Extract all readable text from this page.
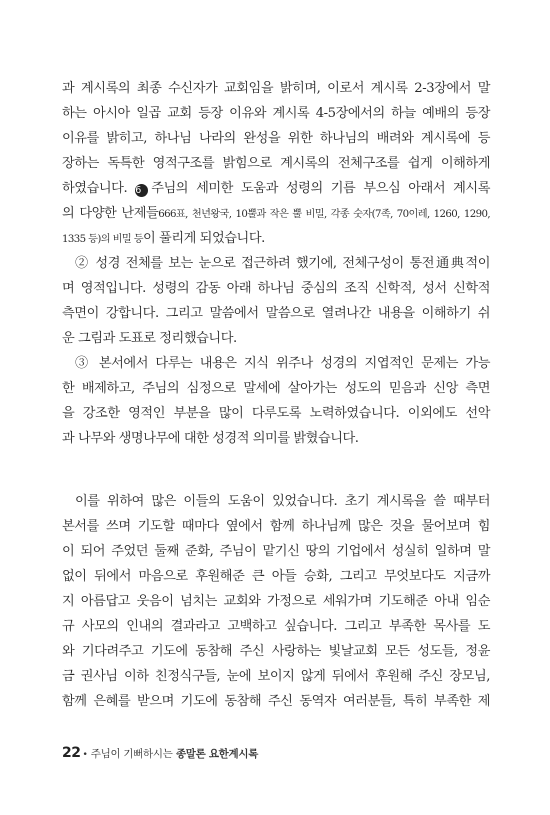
과 계시록의 최종 수신자가 교회임을 밝히며, 이로서 계시록 2-3장에서 말
하는 아시아 일곱 교회 등장 이유와 계시록 4-5장에서의 하늘 예배의 등장
이유를 밝히고, 하나님 나라의 완성을 위한 하나님의 배려와 계시록에 등
장하는 독특한 영적구조를 밝힘으로 계시록의 전체구조를 쉽게 이해하게
하였습니다. 6 주님의 세미한 도움과 성령의 기름 부으심 아래서 계시록
의 다양한 난제들666표, 천년왕국, 10뿔과 작은 뿔 비밀, 각종 숫자(7족, 70이레, 1260, 1290,
1335 등)의 비밀 등이 풀리게 되었습니다.
② 성경 전체를 보는 눈으로 접근하려 했기에, 전체구성이 통전通典적이
며 영적입니다. 성령의 감동 아래 하나님 중심의 조직 신학적, 성서 신학적
측면이 강합니다. 그리고 말씀에서 말씀으로 열려나간 내용을 이해하기 쉬
운 그림과 도표로 정리했습니다.
③ 본서에서 다루는 내용은 지식 위주나 성경의 지엽적인 문제는 가능
한 배제하고, 주님의 심정으로 말세에 살아가는 성도의 믿음과 신앙 측면
을 강조한 영적인 부분을 많이 다루도록 노력하였습니다. 이외에도 선악
과 나무와 생명나무에 대한 성경적 의미를 밝혔습니다.
이를 위하여 많은 이들의 도움이 있었습니다. 초기 계시록을 쓸 때부터
본서를 쓰며 기도할 때마다 옆에서 함께 하나님께 많은 것을 물어보며 힘
이 되어 주었던 둘째 준화, 주님이 맡기신 땅의 기업에서 성실히 일하며 말
없이 뒤에서 마음으로 후원해준 큰 아들 승화, 그리고 무엇보다도 지금까
지 아름답고 웃음이 넘치는 교회와 가정으로 세워가며 기도해준 아내 임순
규 사모의 인내의 결과라고 고백하고 싶습니다. 그리고 부족한 목사를 도
와 기다려주고 기도에 동참해 주신 사랑하는 빛날교회 모든 성도들, 정윤
금 권사님 이하 친정식구들, 눈에 보이지 않게 뒤에서 후원해 주신 장모님,
함께 은혜를 받으며 기도에 동참해 주신 동역자 여러분들, 특히 부족한 제
22 • 주님이 기뻐하시는 종말론 요한계시록
